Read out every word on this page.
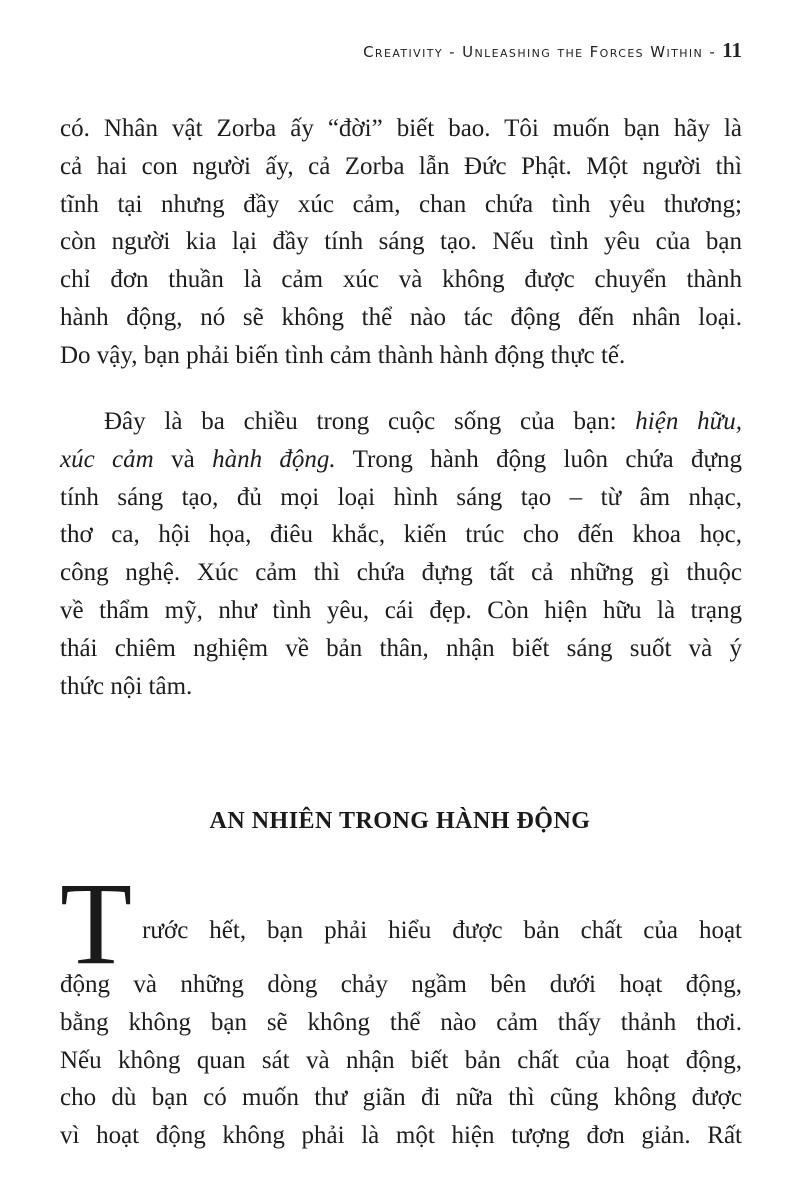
Creativity - Unleashing the Forces Within - 11
có. Nhân vật Zorba ấy “đời” biết bao. Tôi muốn bạn hãy là
cả hai con người ấy, cả Zorba lẫn Đức Phật. Một người thì
tĩnh tại nhưng đầy xúc cảm, chan chứa tình yêu thương;
còn người kia lại đầy tính sáng tạo. Nếu tình yêu của bạn
chỉ đơn thuần là cảm xúc và không được chuyển thành
hành động, nó sẽ không thể nào tác động đến nhân loại.
Do vậy, bạn phải biến tình cảm thành hành động thực tế.
Đây là ba chiều trong cuộc sống của bạn: hiện hữu,
xúc cảm và hành động. Trong hành động luôn chứa đựng
tính sáng tạo, đủ mọi loại hình sáng tạo – từ âm nhạc,
thơ ca, hội họa, điêu khắc, kiến trúc cho đến khoa học,
công nghệ. Xúc cảm thì chứa đựng tất cả những gì thuộc
về thẩm mỹ, như tình yêu, cái đẹp. Còn hiện hữu là trạng
thái chiêm nghiệm về bản thân, nhận biết sáng suốt và ý
thức nội tâm.
AN NHIÊN TRONG HÀNH ĐỘNG
T rước hết, bạn phải hiểu được bản chất của hoạt
động và những dòng chảy ngầm bên dưới hoạt động,
bằng không bạn sẽ không thể nào cảm thấy thảnh thơi.
Nếu không quan sát và nhận biết bản chất của hoạt động,
cho dù bạn có muốn thư giãn đi nữa thì cũng không được
vì hoạt động không phải là một hiện tượng đơn giản. Rất
